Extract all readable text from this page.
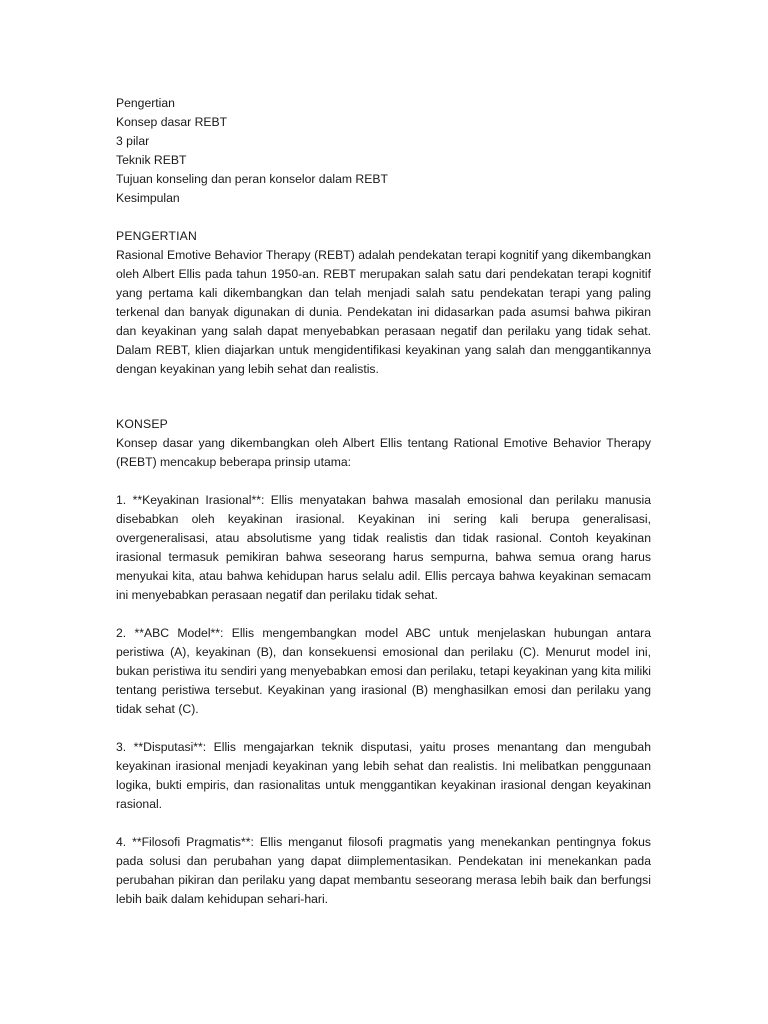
Pengertian
Konsep dasar REBT
3 pilar
Teknik REBT
Tujuan konseling dan peran konselor dalam REBT
Kesimpulan
PENGERTIAN
Rasional Emotive Behavior Therapy (REBT) adalah pendekatan terapi kognitif yang dikembangkan oleh Albert Ellis pada tahun 1950-an. REBT merupakan salah satu dari pendekatan terapi kognitif yang pertama kali dikembangkan dan telah menjadi salah satu pendekatan terapi yang paling terkenal dan banyak digunakan di dunia. Pendekatan ini didasarkan pada asumsi bahwa pikiran dan keyakinan yang salah dapat menyebabkan perasaan negatif dan perilaku yang tidak sehat. Dalam REBT, klien diajarkan untuk mengidentifikasi keyakinan yang salah dan menggantikannya dengan keyakinan yang lebih sehat dan realistis.
KONSEP
Konsep dasar yang dikembangkan oleh Albert Ellis tentang Rational Emotive Behavior Therapy (REBT) mencakup beberapa prinsip utama:
1. **Keyakinan Irasional**: Ellis menyatakan bahwa masalah emosional dan perilaku manusia disebabkan oleh keyakinan irasional. Keyakinan ini sering kali berupa generalisasi, overgeneralisasi, atau absolutisme yang tidak realistis dan tidak rasional. Contoh keyakinan irasional termasuk pemikiran bahwa seseorang harus sempurna, bahwa semua orang harus menyukai kita, atau bahwa kehidupan harus selalu adil. Ellis percaya bahwa keyakinan semacam ini menyebabkan perasaan negatif dan perilaku tidak sehat.
2. **ABC Model**: Ellis mengembangkan model ABC untuk menjelaskan hubungan antara peristiwa (A), keyakinan (B), dan konsekuensi emosional dan perilaku (C). Menurut model ini, bukan peristiwa itu sendiri yang menyebabkan emosi dan perilaku, tetapi keyakinan yang kita miliki tentang peristiwa tersebut. Keyakinan yang irasional (B) menghasilkan emosi dan perilaku yang tidak sehat (C).
3. **Disputasi**: Ellis mengajarkan teknik disputasi, yaitu proses menantang dan mengubah keyakinan irasional menjadi keyakinan yang lebih sehat dan realistis. Ini melibatkan penggunaan logika, bukti empiris, dan rasionalitas untuk menggantikan keyakinan irasional dengan keyakinan rasional.
4. **Filosofi Pragmatis**: Ellis menganut filosofi pragmatis yang menekankan pentingnya fokus pada solusi dan perubahan yang dapat diimplementasikan. Pendekatan ini menekankan pada perubahan pikiran dan perilaku yang dapat membantu seseorang merasa lebih baik dan berfungsi lebih baik dalam kehidupan sehari-hari.
